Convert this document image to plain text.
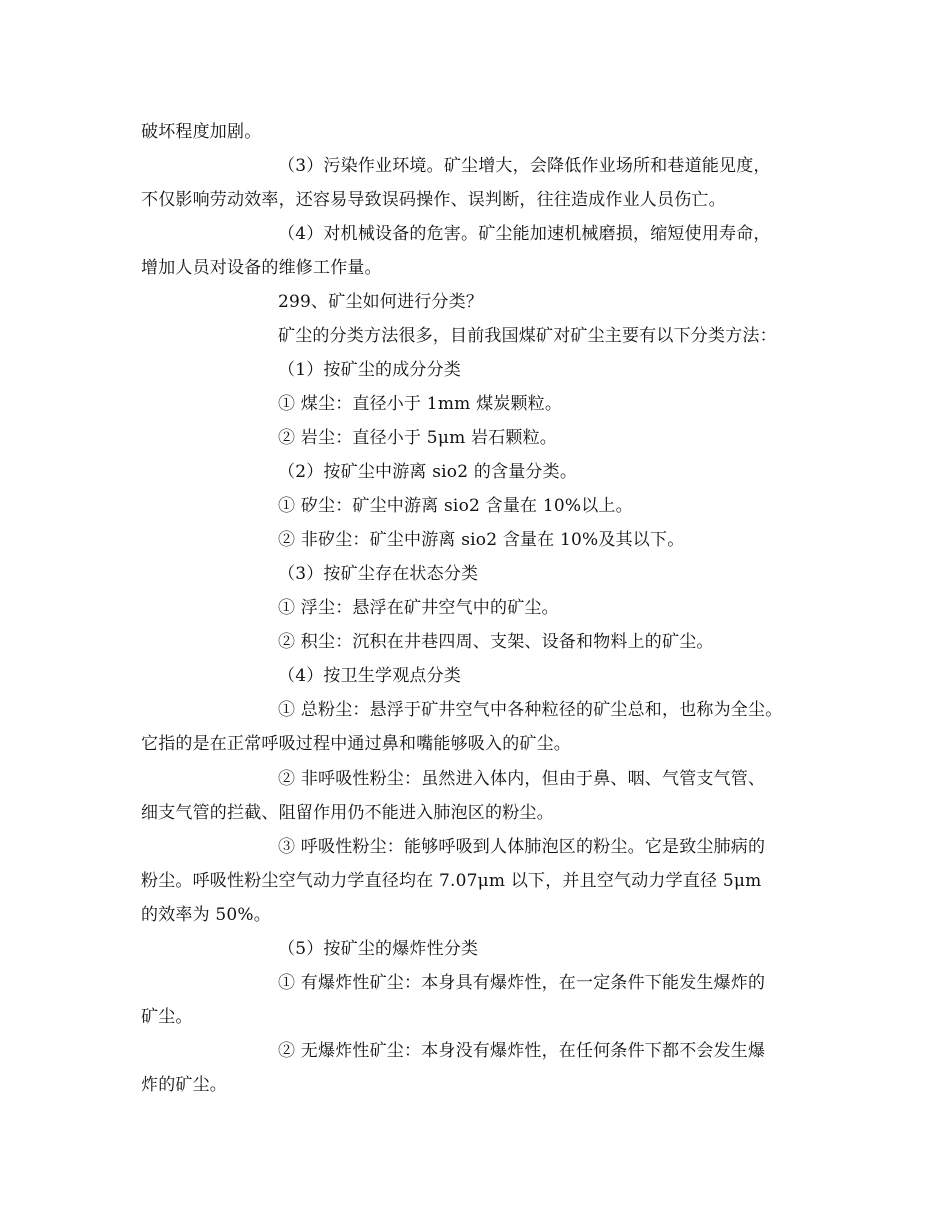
破坏程度加剧。
（3）污染作业环境。矿尘增大，会降低作业场所和巷道能见度，
不仅影响劳动效率，还容易导致误码操作、误判断，往往造成作业人员伤亡。
（4）对机械设备的危害。矿尘能加速机械磨损，缩短使用寿命，
增加人员对设备的维修工作量。
299、矿尘如何进行分类？
矿尘的分类方法很多，目前我国煤矿对矿尘主要有以下分类方法：
（1）按矿尘的成分分类
① 煤尘：直径小于 1mm 煤炭颗粒。
② 岩尘：直径小于 5μm 岩石颗粒。
（2）按矿尘中游离 sio2 的含量分类。
① 矽尘：矿尘中游离 sio2 含量在 10%以上。
② 非矽尘：矿尘中游离 sio2 含量在 10%及其以下。
（3）按矿尘存在状态分类
① 浮尘：悬浮在矿井空气中的矿尘。
② 积尘：沉积在井巷四周、支架、设备和物料上的矿尘。
（4）按卫生学观点分类
① 总粉尘：悬浮于矿井空气中各种粒径的矿尘总和，也称为全尘。
它指的是在正常呼吸过程中通过鼻和嘴能够吸入的矿尘。
② 非呼吸性粉尘：虽然进入体内，但由于鼻、咽、气管支气管、
细支气管的拦截、阻留作用仍不能进入肺泡区的粉尘。
③ 呼吸性粉尘：能够呼吸到人体肺泡区的粉尘。它是致尘肺病的
粉尘。呼吸性粉尘空气动力学直径均在 7.07μm 以下，并且空气动力学直径 5μm
的效率为 50%。
（5）按矿尘的爆炸性分类
① 有爆炸性矿尘：本身具有爆炸性，在一定条件下能发生爆炸的
矿尘。
② 无爆炸性矿尘：本身没有爆炸性，在任何条件下都不会发生爆
炸的矿尘。
